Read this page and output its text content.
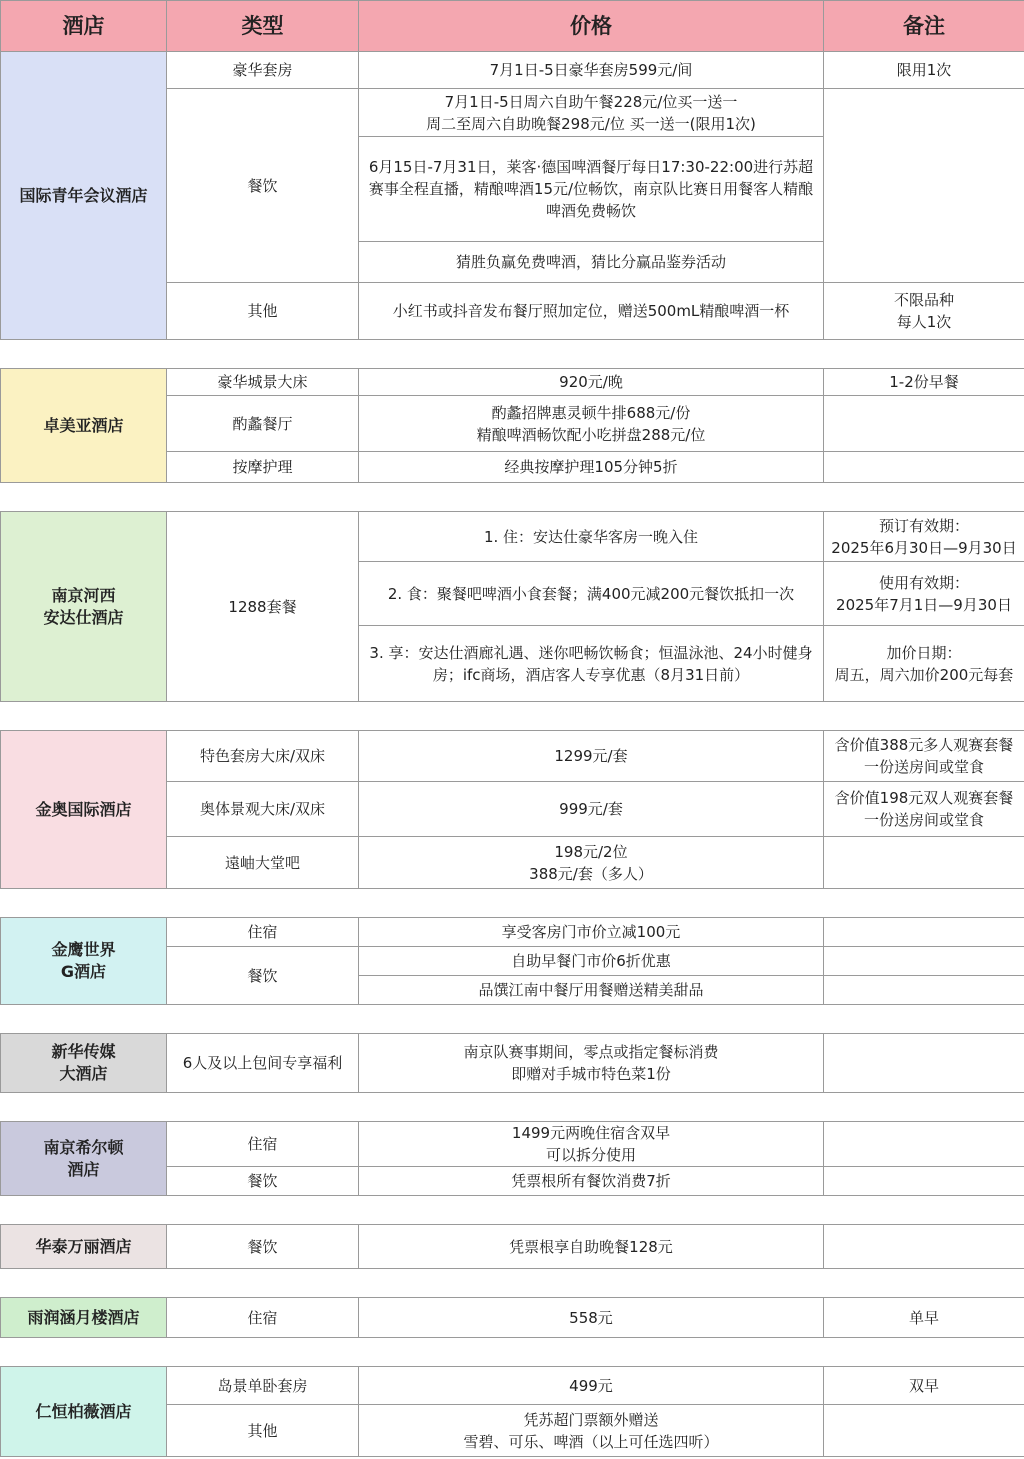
酒店	类型	价格	备注
国际青年会议酒店	豪华套房	7月1日-5日豪华套房599元/间	限用1次
	餐饮	7月1日-5日周六自助午餐228元/位买一送一
周二至周六自助晚餐298元/位 买一送一(限用1次)	
		6月15日-7月31日，莱客·德国啤酒餐厅每日17:30-22:00进行苏超赛事全程直播，精酿啤酒15元/位畅饮，南京队比赛日用餐客人精酿啤酒免费畅饮	
		猜胜负赢免费啤酒，猜比分赢品鉴券活动	
	其他	小红书或抖音发布餐厅照加定位，赠送500mL精酿啤酒一杯	不限品种
每人1次

卓美亚酒店	豪华城景大床	920元/晚	1-2份早餐
	酌蠡餐厅	酌蠡招牌惠灵顿牛排688元/份
精酿啤酒畅饮配小吃拼盘288元/位	
	按摩护理	经典按摩护理105分钟5折	

南京河西
安达仕酒店	1288套餐	1. 住：安达仕豪华客房一晚入住	预订有效期：
2025年6月30日—9月30日
		2. 食：聚餐吧啤酒小食套餐；满400元减200元餐饮抵扣一次	使用有效期：
2025年7月1日—9月30日
		3. 享：安达仕酒廊礼遇、迷你吧畅饮畅食；恒温泳池、24小时健身房；ifc商场，酒店客人专享优惠（8月31日前）	加价日期：
周五，周六加价200元每套

金奥国际酒店	特色套房大床/双床	1299元/套	含价值388元多人观赛套餐一份送房间或堂食
	奥体景观大床/双床	999元/套	含价值198元双人观赛套餐一份送房间或堂食
	遠岫大堂吧	198元/2位
388元/套（多人）	

金鹰世界
G酒店	住宿	享受客房门市价立减100元	
	餐饮	自助早餐门市价6折优惠	
		品馔江南中餐厅用餐赠送精美甜品	

新华传媒
大酒店	6人及以上包间专享福利	南京队赛事期间，零点或指定餐标消费
即赠对手城市特色菜1份	

南京希尔顿
酒店	住宿	1499元两晚住宿含双早
可以拆分使用	
	餐饮	凭票根所有餐饮消费7折	

华泰万丽酒店	餐饮	凭票根享自助晚餐128元	

雨润涵月楼酒店	住宿	558元	单早

仁恒柏薇酒店	岛景单卧套房	499元	双早
	其他	凭苏超门票额外赠送
雪碧、可乐、啤酒（以上可任选四听）	
